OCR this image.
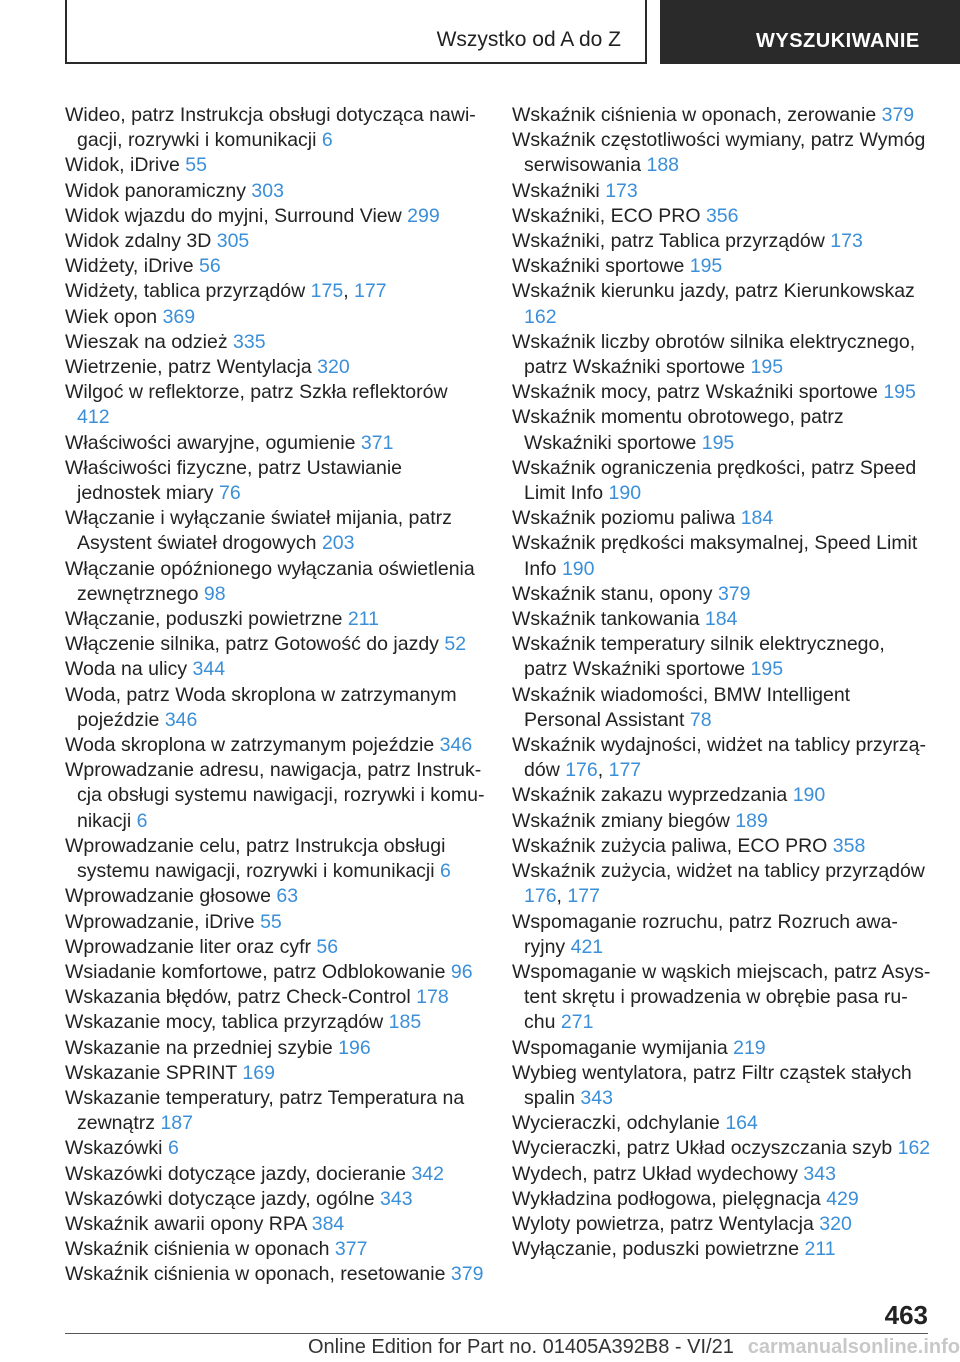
Wszystko od A do Z	WYSZUKIWANIE
Wideo, patrz Instrukcja obsługi dotycząca nawigacji, rozrywki i komunikacji 6
Widok, iDrive 55
Widok panoramiczny 303
Widok wjazdu do myjni, Surround View 299
Widok zdalny 3D 305
Widżety, iDrive 56
Widżety, tablica przyrządów 175, 177
Wiek opon 369
Wieszak na odzież 335
Wietrzenie, patrz Wentylacja 320
Wilgoć w reflektorze, patrz Szkła reflektorów 412
Właściwości awaryjne, ogumienie 371
Właściwości fizyczne, patrz Ustawianie jednostek miary 76
Włączanie i wyłączanie świateł mijania, patrz Asystent świateł drogowych 203
Włączanie opóźnionego wyłączania oświetlenia zewnętrznego 98
Włączanie, poduszki powietrzne 211
Włączenie silnika, patrz Gotowość do jazdy 52
Woda na ulicy 344
Woda, patrz Woda skroplona w zatrzymanym pojeździe 346
Woda skroplona w zatrzymanym pojeździe 346
Wprowadzanie adresu, nawigacja, patrz Instrukcja obsługi systemu nawigacji, rozrywki i komunikacji 6
Wprowadzanie celu, patrz Instrukcja obsługi systemu nawigacji, rozrywki i komunikacji 6
Wprowadzanie głosowe 63
Wprowadzanie, iDrive 55
Wprowadzanie liter oraz cyfr 56
Wsiadanie komfortowe, patrz Odblokowanie 96
Wskazania błędów, patrz Check-Control 178
Wskazanie mocy, tablica przyrządów 185
Wskazanie na przedniej szybie 196
Wskazanie SPRINT 169
Wskazanie temperatury, patrz Temperatura na zewnątrz 187
Wskazówki 6
Wskazówki dotyczące jazdy, docieranie 342
Wskazówki dotyczące jazdy, ogólne 343
Wskaźnik awarii opony RPA 384
Wskaźnik ciśnienia w oponach 377
Wskaźnik ciśnienia w oponach, resetowanie 379
Wskaźnik ciśnienia w oponach, zerowanie 379
Wskaźnik częstotliwości wymiany, patrz Wymóg serwisowania 188
Wskaźniki 173
Wskaźniki, ECO PRO 356
Wskaźniki, patrz Tablica przyrządów 173
Wskaźniki sportowe 195
Wskaźnik kierunku jazdy, patrz Kierunkowskaz 162
Wskaźnik liczby obrotów silnika elektrycznego, patrz Wskaźniki sportowe 195
Wskaźnik mocy, patrz Wskaźniki sportowe 195
Wskaźnik momentu obrotowego, patrz Wskaźniki sportowe 195
Wskaźnik ograniczenia prędkości, patrz Speed Limit Info 190
Wskaźnik poziomu paliwa 184
Wskaźnik prędkości maksymalnej, Speed Limit Info 190
Wskaźnik stanu, opony 379
Wskaźnik tankowania 184
Wskaźnik temperatury silnik elektrycznego, patrz Wskaźniki sportowe 195
Wskaźnik wiadomości, BMW Intelligent Personal Assistant 78
Wskaźnik wydajności, widżet na tablicy przyrządów 176, 177
Wskaźnik zakazu wyprzedzania 190
Wskaźnik zmiany biegów 189
Wskaźnik zużycia paliwa, ECO PRO 358
Wskaźnik zużycia, widżet na tablicy przyrządów 176, 177
Wspomaganie rozruchu, patrz Rozruch awaryjny 421
Wspomaganie w wąskich miejscach, patrz Asystent skrętu i prowadzenia w obrębie pasa ruchu 271
Wspomaganie wymijania 219
Wybieg wentylatora, patrz Filtr cząstek stałych spalin 343
Wycieraczki, odchylanie 164
Wycieraczki, patrz Układ oczyszczania szyb 162
Wydech, patrz Układ wydechowy 343
Wykładzina podłogowa, pielęgnacja 429
Wyloty powietrza, patrz Wentylacja 320
Wyłączanie, poduszki powietrzne 211
463
Online Edition for Part no. 01405A392B8 - VI/21 carmanualsonline.info
